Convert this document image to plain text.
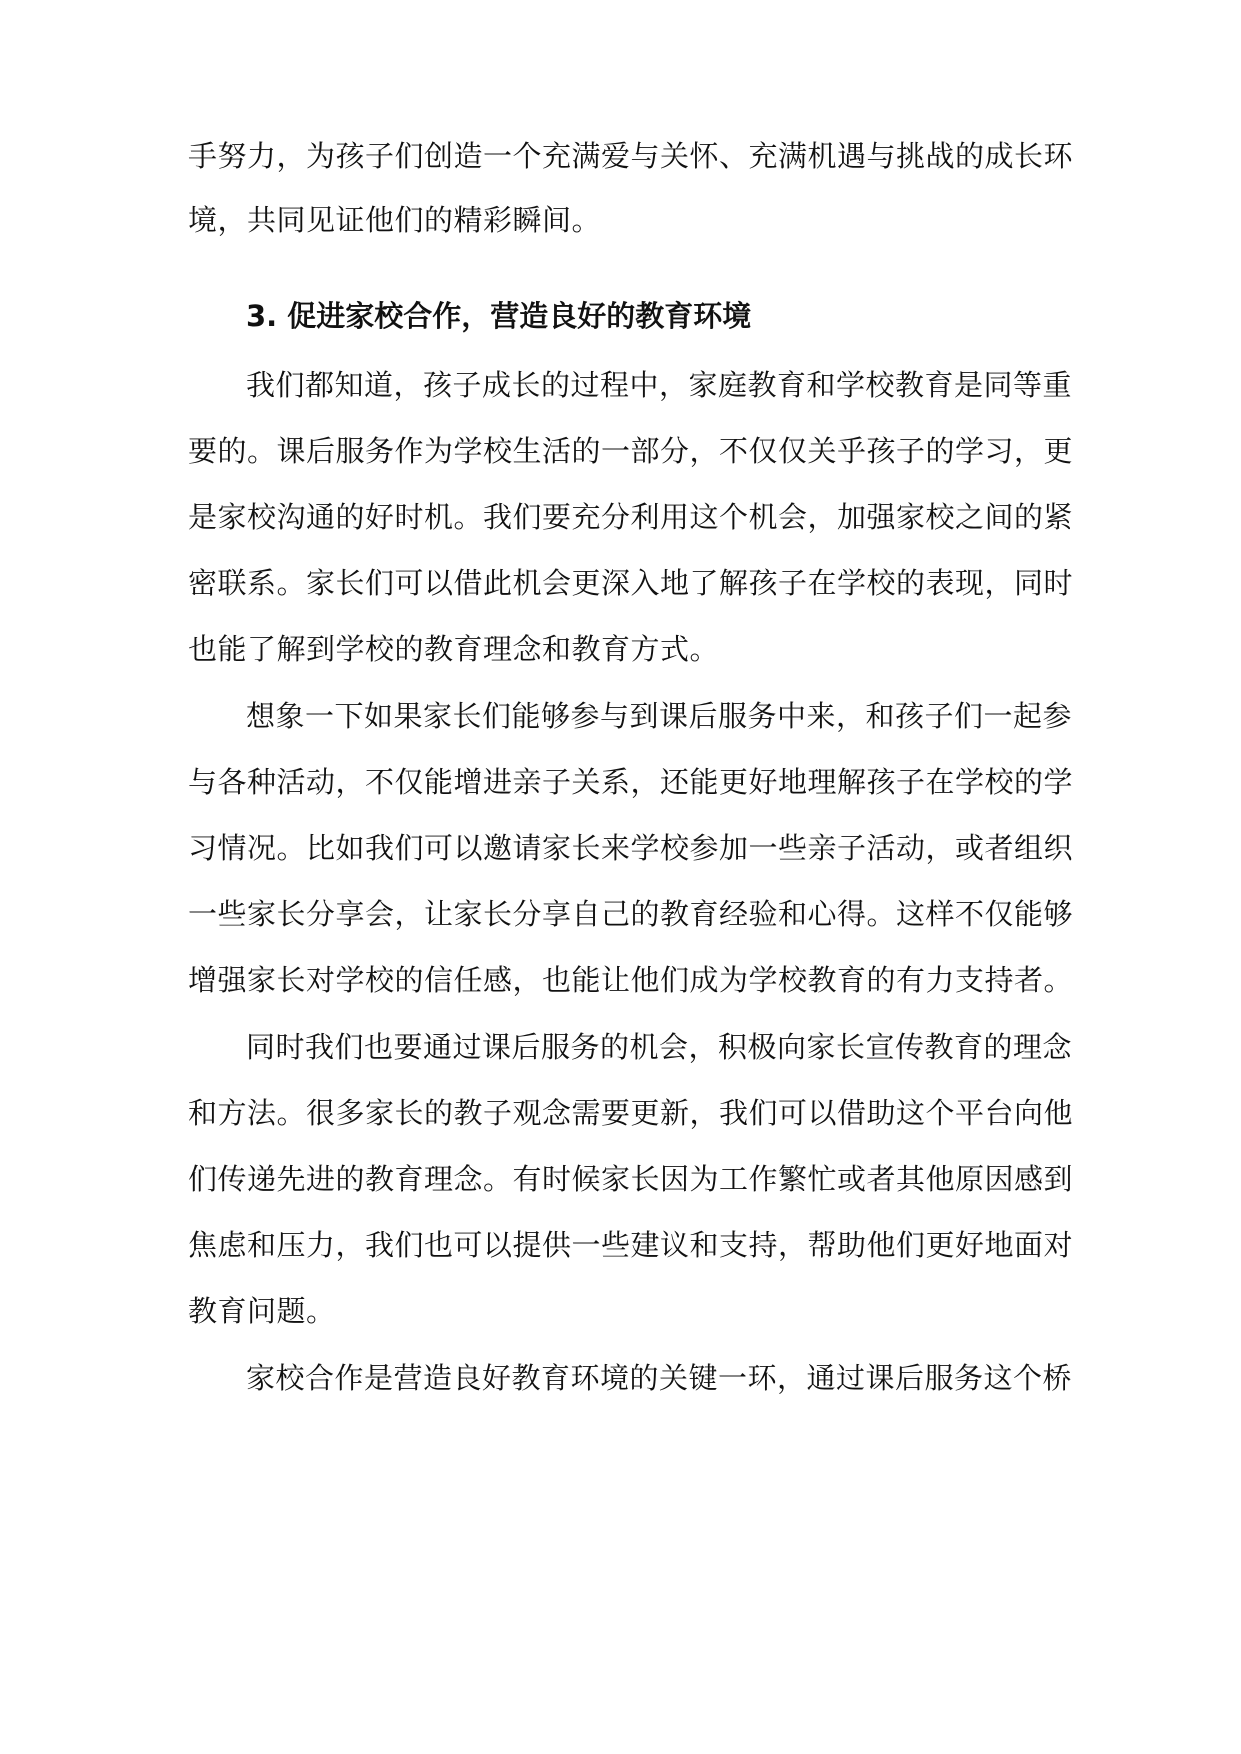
手努力，为孩子们创造一个充满爱与关怀、充满机遇与挑战的成长环
境，共同见证他们的精彩瞬间。
3. 促进家校合作，营造良好的教育环境
我们都知道，孩子成长的过程中，家庭教育和学校教育是同等重
要的。课后服务作为学校生活的一部分，不仅仅关乎孩子的学习，更
是家校沟通的好时机。我们要充分利用这个机会，加强家校之间的紧
密联系。家长们可以借此机会更深入地了解孩子在学校的表现，同时
也能了解到学校的教育理念和教育方式。
想象一下如果家长们能够参与到课后服务中来，和孩子们一起参
与各种活动，不仅能增进亲子关系，还能更好地理解孩子在学校的学
习情况。比如我们可以邀请家长来学校参加一些亲子活动，或者组织
一些家长分享会，让家长分享自己的教育经验和心得。这样不仅能够
增强家长对学校的信任感，也能让他们成为学校教育的有力支持者。
同时我们也要通过课后服务的机会，积极向家长宣传教育的理念
和方法。很多家长的教子观念需要更新，我们可以借助这个平台向他
们传递先进的教育理念。有时候家长因为工作繁忙或者其他原因感到
焦虑和压力，我们也可以提供一些建议和支持，帮助他们更好地面对
教育问题。
家校合作是营造良好教育环境的关键一环，通过课后服务这个桥
